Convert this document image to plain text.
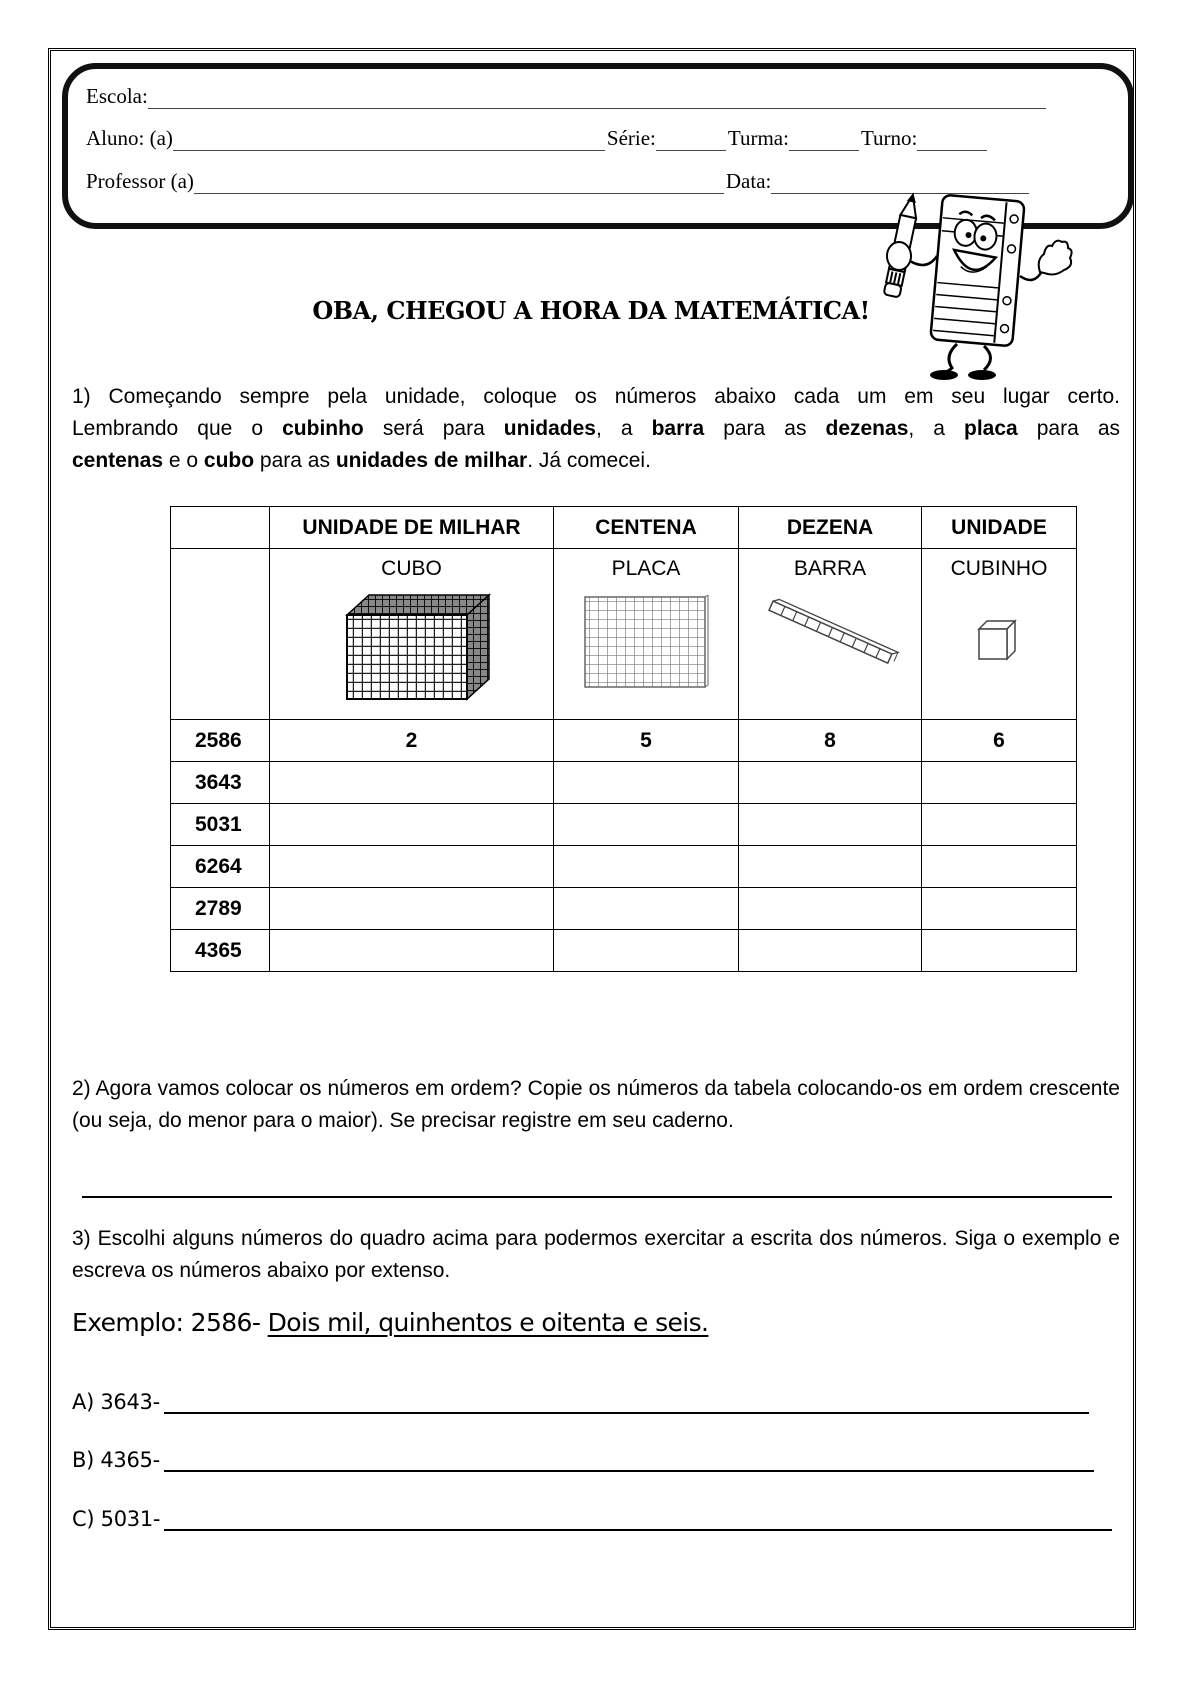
Escola:
Aluno: (a)	Série:	Turma:	Turno:
Professor (a)	Data:
OBA, CHEGOU A HORA DA MATEMÁTICA!
1) Começando sempre pela unidade, coloque os números abaixo cada um em seu lugar certo.
Lembrando que o cubinho será para unidades, a barra para as dezenas, a placa para as
centenas e o cubo para as unidades de milhar. Já comecei.
	UNIDADE DE MILHAR	CENTENA	DEZENA	UNIDADE

	CUBO	PLACA	BARRA	CUBINHO

2586	2	5	8	6
3643				
5031				
6264				
2789				
4365				
2) Agora vamos colocar os números em ordem? Copie os números da tabela colocando-os em ordem crescente (ou seja, do menor para o maior). Se precisar registre em seu caderno.
3) Escolhi alguns números do quadro acima para podermos exercitar a escrita dos números. Siga o exemplo e escreva os números abaixo por extenso.
Exemplo: 2586- Dois mil, quinhentos e oitenta e seis.
A) 3643-
B) 4365-
C) 5031-
